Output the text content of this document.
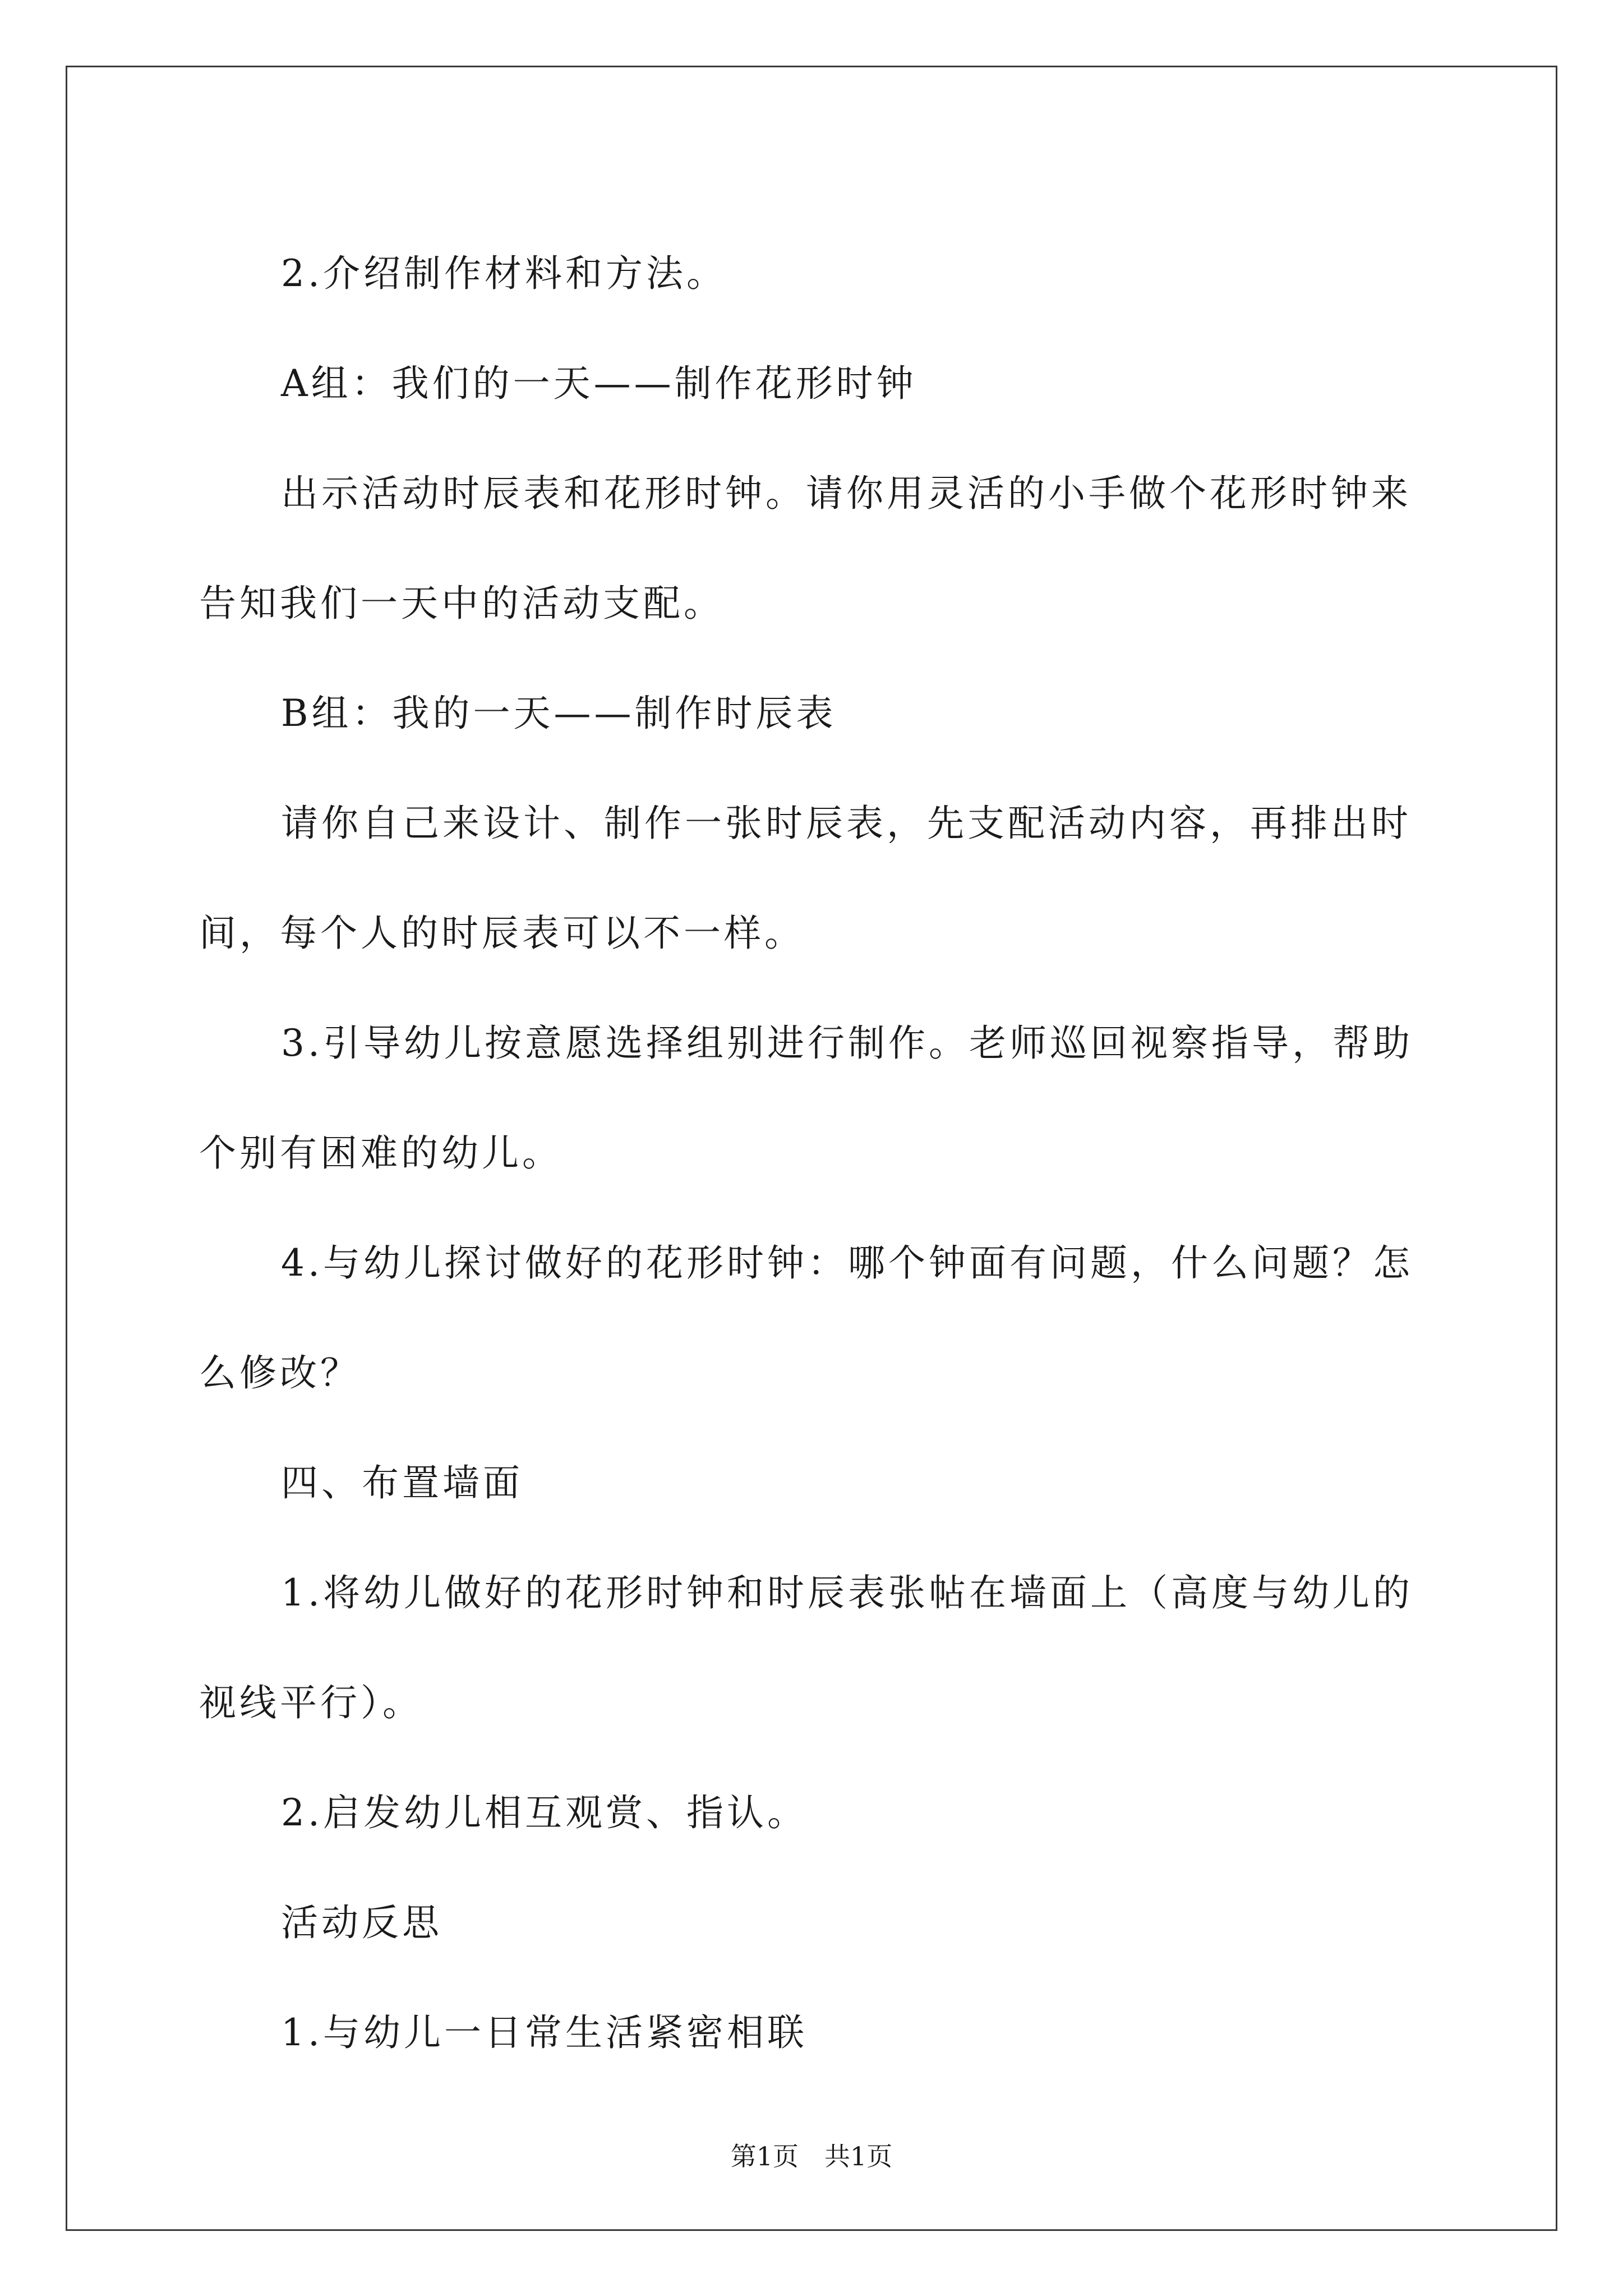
2.介绍制作材料和方法。

A组：我们的一天——制作花形时钟

出示活动时辰表和花形时钟。请你用灵活的小手做个花形时钟来

告知我们一天中的活动支配。

B组：我的一天——制作时辰表

请你自己来设计、制作一张时辰表，先支配活动内容，再排出时

间，每个人的时辰表可以不一样。

3.引导幼儿按意愿选择组别进行制作。老师巡回视察指导，帮助

个别有困难的幼儿。

4.与幼儿探讨做好的花形时钟：哪个钟面有问题，什么问题？怎

么修改？

四、布置墙面

1.将幼儿做好的花形时钟和时辰表张帖在墙面上（高度与幼儿的

视线平行）。

2.启发幼儿相互观赏、指认。

活动反思

1.与幼儿一日常生活紧密相联

第1页　共1页
